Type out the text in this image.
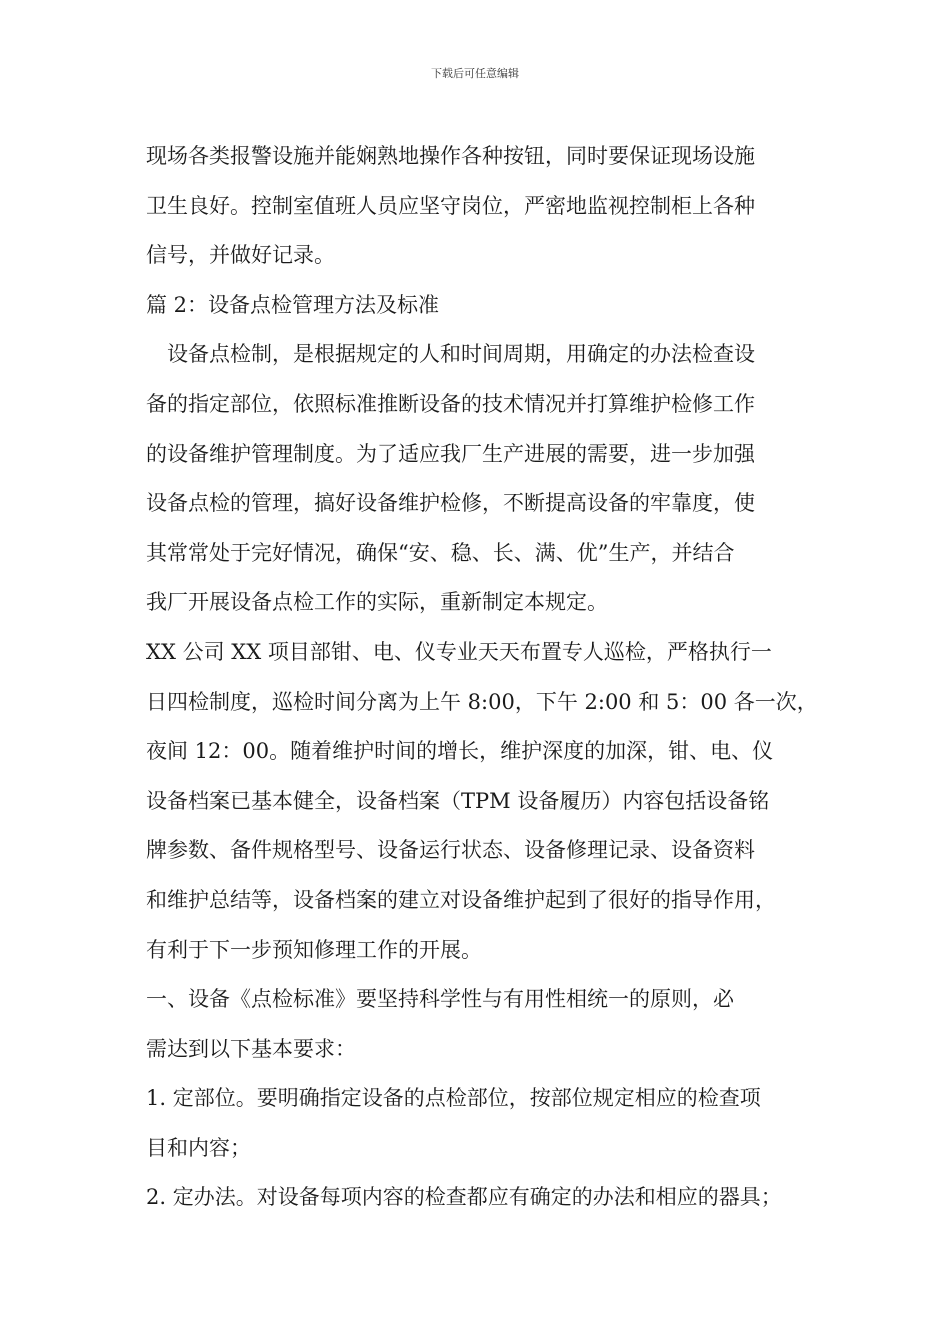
下载后可任意编辑
现场各类报警设施并能娴熟地操作各种按钮，同时要保证现场设施
卫生良好。控制室值班人员应坚守岗位，严密地监视控制柜上各种
信号，并做好记录。
篇 2：设备点检管理方法及标准
　设备点检制，是根据规定的人和时间周期，用确定的办法检查设
备的指定部位，依照标准推断设备的技术情况并打算维护检修工作
的设备维护管理制度。为了适应我厂生产进展的需要，进一步加强
设备点检的管理，搞好设备维护检修，不断提高设备的牢靠度，使
其常常处于完好情况，确保“安、稳、长、满、优”生产，并结合
我厂开展设备点检工作的实际，重新制定本规定。
XX 公司 XX 项目部钳、电、仪专业天天布置专人巡检，严格执行一
日四检制度，巡检时间分离为上午 8:00，下午 2:00 和 5：00 各一次，
夜间 12：00。随着维护时间的增长，维护深度的加深，钳、电、仪
设备档案已基本健全，设备档案（TPM 设备履历）内容包括设备铭
牌参数、备件规格型号、设备运行状态、设备修理记录、设备资料
和维护总结等，设备档案的建立对设备维护起到了很好的指导作用，
有利于下一步预知修理工作的开展。
一、设备《点检标准》要坚持科学性与有用性相统一的原则，必
需达到以下基本要求：
1. 定部位。要明确指定设备的点检部位，按部位规定相应的检查项
目和内容；
2. 定办法。对设备每项内容的检查都应有确定的办法和相应的器具；
